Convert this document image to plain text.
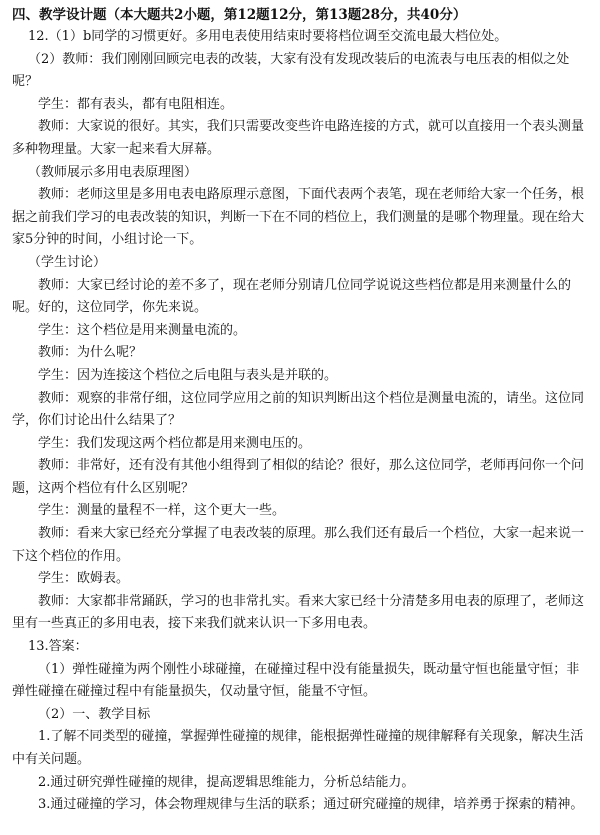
四、教学设计题（本大题共2小题，第12题12分，第13题28分，共40分）

12.（1）b同学的习惯更好。多用电表使用结束时要将档位调至交流电最大档位处。

（2）教师：我们刚刚回顾完电表的改装，大家有没有发现改装后的电流表与电压表的相似之处呢？

学生：都有表头，都有电阻相连。

教师：大家说的很好。其实，我们只需要改变些许电路连接的方式，就可以直接用一个表头测量多种物理量。大家一起来看大屏幕。

（教师展示多用电表原理图）

教师：老师这里是多用电表电路原理示意图，下面代表两个表笔，现在老师给大家一个任务，根据之前我们学习的电表改装的知识，判断一下在不同的档位上，我们测量的是哪个物理量。现在给大家5分钟的时间，小组讨论一下。

（学生讨论）

教师：大家已经讨论的差不多了，现在老师分别请几位同学说说这些档位都是用来测量什么的呢。好的，这位同学，你先来说。

学生：这个档位是用来测量电流的。

教师：为什么呢？

学生：因为连接这个档位之后电阻与表头是并联的。

教师：观察的非常仔细，这位同学应用之前的知识判断出这个档位是测量电流的，请坐。这位同学，你们讨论出什么结果了？

学生：我们发现这两个档位都是用来测电压的。

教师：非常好，还有没有其他小组得到了相似的结论？很好，那么这位同学，老师再问你一个问题，这两个档位有什么区别呢？

学生：测量的量程不一样，这个更大一些。

教师：看来大家已经充分掌握了电表改装的原理。那么我们还有最后一个档位，大家一起来说一下这个档位的作用。

学生：欧姆表。

教师：大家都非常踊跃，学习的也非常扎实。看来大家已经十分清楚多用电表的原理了，老师这里有一些真正的多用电表，接下来我们就来认识一下多用电表。

13.答案：

（1）弹性碰撞为两个刚性小球碰撞，在碰撞过程中没有能量损失，既动量守恒也能量守恒；非弹性碰撞在碰撞过程中有能量损失，仅动量守恒，能量不守恒。

（2）一、教学目标

1.了解不同类型的碰撞，掌握弹性碰撞的规律，能根据弹性碰撞的规律解释有关现象，解决生活中有关问题。

2.通过研究弹性碰撞的规律，提高逻辑思维能力，分析总结能力。

3.通过碰撞的学习，体会物理规律与生活的联系；通过研究碰撞的规律，培养勇于探索的精神。
